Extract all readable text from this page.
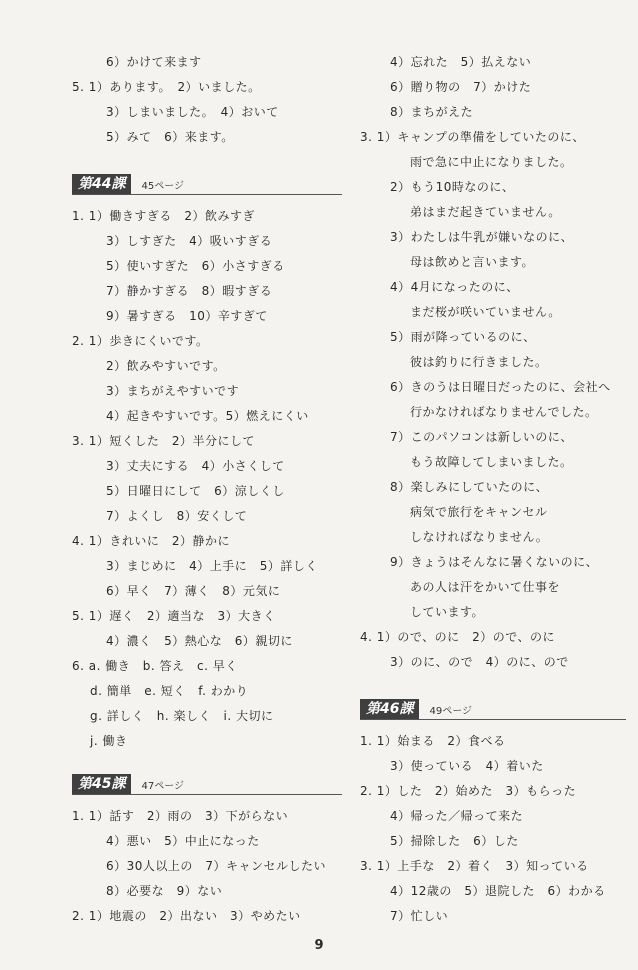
第44課	45ページ
第45課	47ページ
6）かけて来ます
5. 1）あります。　2）いました。
3）しまいました。　4）おいて
5）みて　6）来ます。
1. 1）働きすぎる　2）飲みすぎ
3）しすぎた　4）吸いすぎる
5）使いすぎた　6）小さすぎる
7）静かすぎる　8）暇すぎる
9）暑すぎる　10）辛すぎて
2. 1）歩きにくいです。
2）飲みやすいです。
3）まちがえやすいです
4）起きやすいです。5）燃えにくい
3. 1）短くした　2）半分にして
3）丈夫にする　4）小さくして
5）日曜日にして　6）涼しくし
7）よくし　8）安くして
4. 1）きれいに　2）静かに
3）まじめに　4）上手に　5）詳しく
6）早く　7）薄く　8）元気に
5. 1）遅く　2）適当な　3）大きく
4）濃く　5）熱心な　6）親切に
6. a. 働き　b. 答え　c. 早く
d. 簡単　e. 短く　f. わかり
g. 詳しく　h. 楽しく　i. 大切に
j. 働き
1. 1）話す　2）雨の　3）下がらない
4）悪い　5）中止になった
6）30人以上の　7）キャンセルしたい
8）必要な　9）ない
2. 1）地震の　2）出ない　3）やめたい
第46課	49ページ
4）忘れた　5）払えない
6）贈り物の　7）かけた
8）まちがえた
3. 1）キャンプの準備をしていたのに、
雨で急に中止になりました。
2）もう10時なのに、
弟はまだ起きていません。
3）わたしは牛乳が嫌いなのに、
母は飲めと言います。
4）4月になったのに、
まだ桜が咲いていません。
5）雨が降っているのに、
彼は釣りに行きました。
6）きのうは日曜日だったのに、会社へ
行かなければなりませんでした。
7）このパソコンは新しいのに、
もう故障してしまいました。
8）楽しみにしていたのに、
病気で旅行をキャンセル
しなければなりません。
9）きょうはそんなに暑くないのに、
あの人は汗をかいて仕事を
しています。
4. 1）ので、のに　2）ので、のに
3）のに、ので　4）のに、ので
1. 1）始まる　2）食べる
3）使っている　4）着いた
2. 1）した　2）始めた　3）もらった
4）帰った／帰って来た
5）掃除した　6）した
3. 1）上手な　2）着く　3）知っている
4）12歳の　5）退院した　6）わかる
7）忙しい
9
